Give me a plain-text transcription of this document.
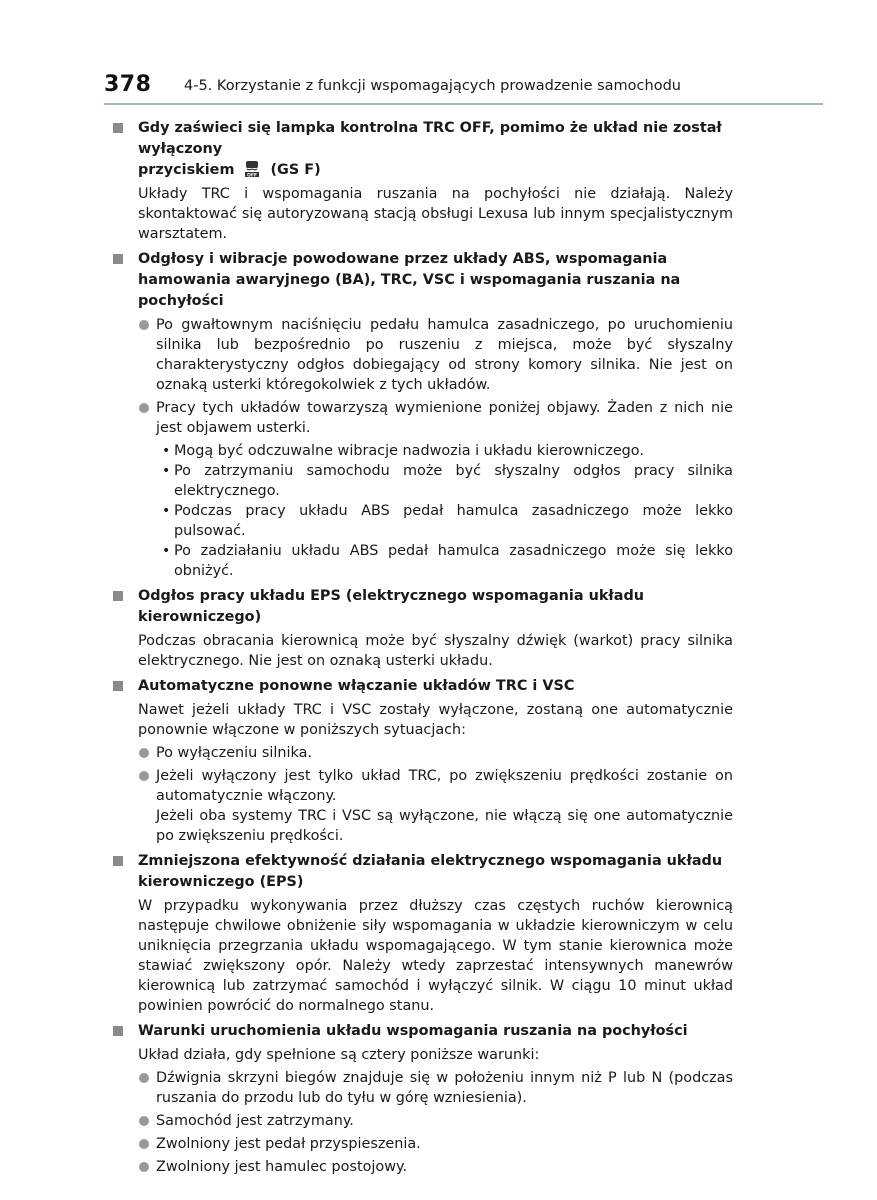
378 4-5. Korzystanie z funkcji wspomagających prowadzenie samochodu
Gdy zaświeci się lampka kontrolna TRC OFF, pomimo że układ nie został wyłączony
przyciskiem	OFF (GS F)
Układy TRC i wspomagania ruszania na pochyłości nie działają. Należy skontaktować się autoryzowaną stacją obsługi Lexusa lub innym specjalistycznym warsztatem.
Odgłosy i wibracje powodowane przez układy ABS, wspomagania hamowania awaryjnego (BA), TRC, VSC i wspomagania ruszania na pochyłości
Po gwałtownym naciśnięciu pedału hamulca zasadniczego, po uruchomieniu silnika lub bezpośrednio po ruszeniu z miejsca, może być słyszalny charakterystyczny odgłos dobiegający od strony komory silnika. Nie jest on oznaką usterki któregokolwiek z tych układów.
Pracy tych układów towarzyszą wymienione poniżej objawy. Żaden z nich nie jest objawem usterki.
• Mogą być odczuwalne wibracje nadwozia i układu kierowniczego.
• Po zatrzymaniu samochodu może być słyszalny odgłos pracy silnika elektrycznego.
• Podczas pracy układu ABS pedał hamulca zasadniczego może lekko pulsować.
• Po zadziałaniu układu ABS pedał hamulca zasadniczego może się lekko obniżyć.
Odgłos pracy układu EPS (elektrycznego wspomagania układu kierowniczego)
Podczas obracania kierownicą może być słyszalny dźwięk (warkot) pracy silnika elektrycznego. Nie jest on oznaką usterki układu.
Automatyczne ponowne włączanie układów TRC i VSC
Nawet jeżeli układy TRC i VSC zostały wyłączone, zostaną one automatycznie ponownie włączone w poniższych sytuacjach:
Po wyłączeniu silnika.
Jeżeli wyłączony jest tylko układ TRC, po zwiększeniu prędkości zostanie on automatycznie włączony.
Jeżeli oba systemy TRC i VSC są wyłączone, nie włączą się one automatycznie po zwiększeniu prędkości.
Zmniejszona efektywność działania elektrycznego wspomagania układu kierowniczego (EPS)
W przypadku wykonywania przez dłuższy czas częstych ruchów kierownicą następuje chwilowe obniżenie siły wspomagania w układzie kierowniczym w celu uniknięcia przegrzania układu wspomagającego. W tym stanie kierownica może stawiać zwiększony opór. Należy wtedy zaprzestać intensywnych manewrów kierownicą lub zatrzymać samochód i wyłączyć silnik. W ciągu 10 minut układ powinien powrócić do normalnego stanu.
Warunki uruchomienia układu wspomagania ruszania na pochyłości
Układ działa, gdy spełnione są cztery poniższe warunki:
Dźwignia skrzyni biegów znajduje się w położeniu innym niż P lub N (podczas ruszania do przodu lub do tyłu w górę wzniesienia).
Samochód jest zatrzymany.
Zwolniony jest pedał przyspieszenia.
Zwolniony jest hamulec postojowy.
